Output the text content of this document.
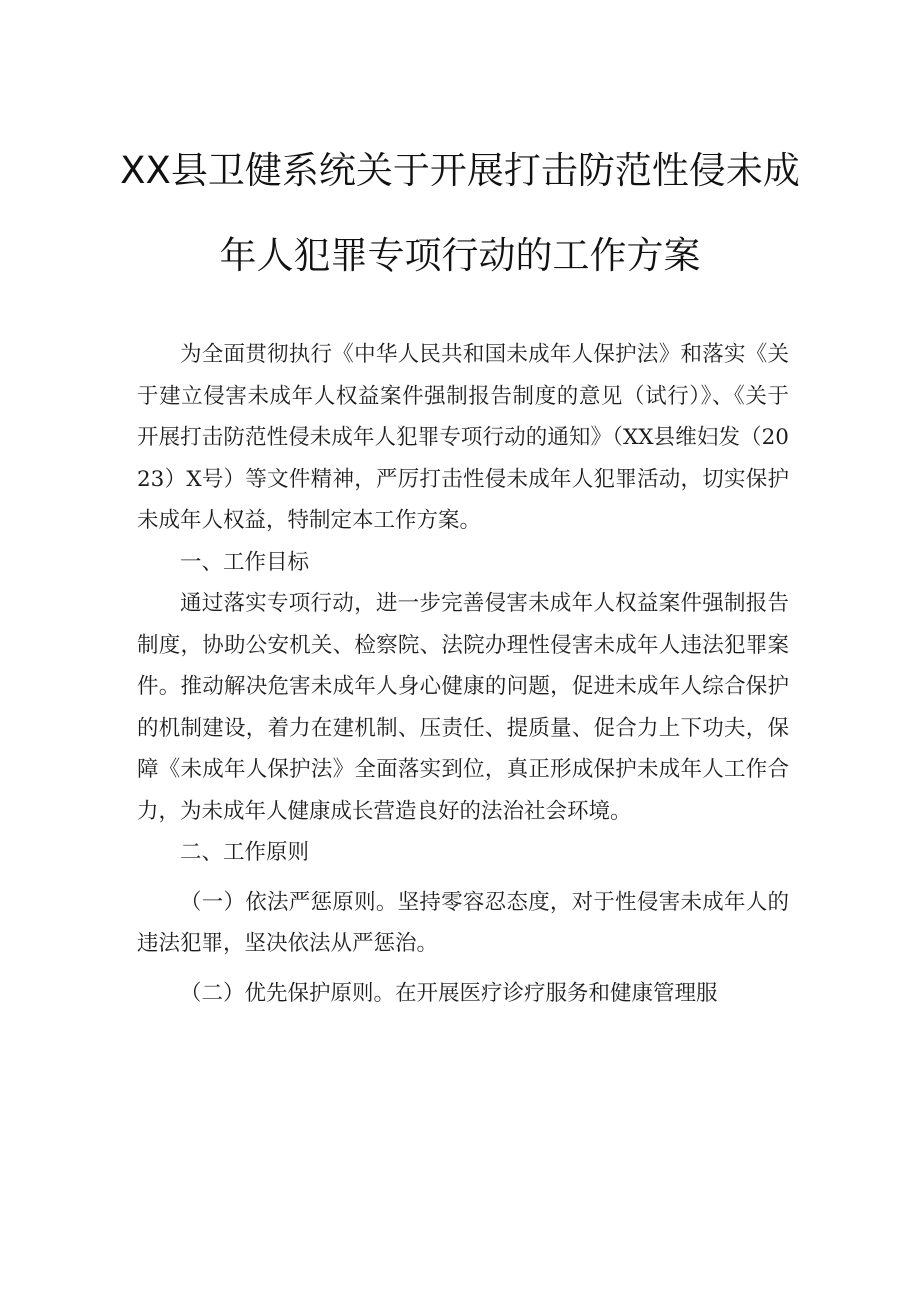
XX县卫健系统关于开展打击防范性侵未成
年人犯罪专项行动的工作方案

为全面贯彻执行《中华人民共和国未成年人保护法》和落实《关于建立侵害未成年人权益案件强制报告制度的意见（试行）》、《关于开展打击防范性侵未成年人犯罪专项行动的通知》（XX县维妇发（2023）X号）等文件精神，严厉打击性侵未成年人犯罪活动，切实保护未成年人权益，特制定本工作方案。

一、工作目标

通过落实专项行动，进一步完善侵害未成年人权益案件强制报告制度，协助公安机关、检察院、法院办理性侵害未成年人违法犯罪案件。推动解决危害未成年人身心健康的问题，促进未成年人综合保护的机制建设，着力在建机制、压责任、提质量、促合力上下功夫，保障《未成年人保护法》全面落实到位，真正形成保护未成年人工作合力，为未成年人健康成长营造良好的法治社会环境。

二、工作原则

（一）依法严惩原则。坚持零容忍态度，对于性侵害未成年人的违法犯罪，坚决依法从严惩治。

（二）优先保护原则。在开展医疗诊疗服务和健康管理服
